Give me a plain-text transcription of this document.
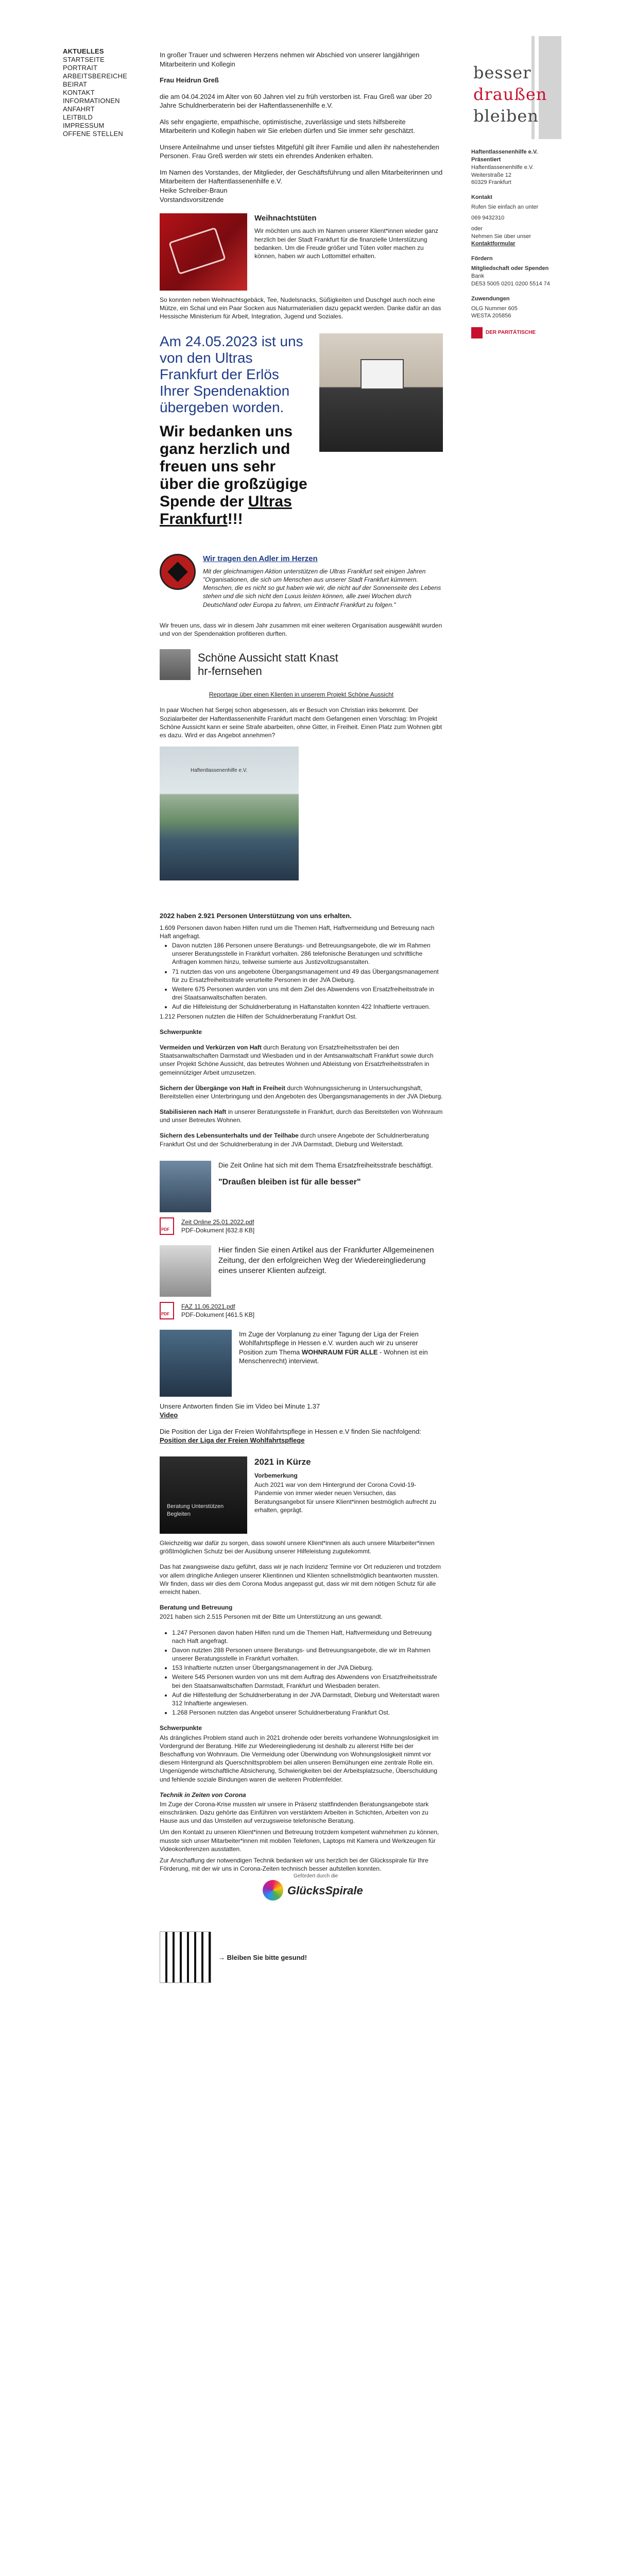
AKTUELLES
STARTSEITE
PORTRAIT
ARBEITSBEREICHE
BEIRAT
KONTAKT
INFORMATIONEN
ANFAHRT
LEITBILD
IMPRESSUM
OFFENE STELLEN
besser
draußen
bleiben
Haftentlassenenhilfe e.V.
Präsentiert
Haftentlassenenhilfe e.V.
Weiterstraße 12
60329 Frankfurt
Kontakt
Rufen Sie einfach an unter
069 9432310
oder
Nehmen Sie über unser
Kontaktformular
Fördern
Mitgliedschaft oder Spenden
Bank
DE53 5005 0201 0200 5514 74
Zuwendungen
OLG Nummer 605
WESTA 205856
DER PARITÄTISCHE

In großer Trauer und schweren Herzens nehmen wir Abschied von unserer langjährigen Mitarbeiterin und Kollegin

Frau Heidrun Greß

die am 04.04.2024 im Alter von 60 Jahren viel zu früh verstorben ist. Frau Greß war über 20 Jahre Schuldnerberaterin bei der Haftentlassenenhilfe e.V.

Als sehr engagierte, empathische, optimistische, zuverlässige und stets hilfsbereite Mitarbeiterin und Kollegin haben wir Sie erleben dürfen und Sie immer sehr geschätzt.

Unsere Anteilnahme und unser tiefstes Mitgefühl gilt ihrer Familie und allen ihr nahestehenden Personen. Frau Greß werden wir stets ein ehrendes Andenken erhalten.

Im Namen des Vorstandes, der Mitglieder, der Geschäftsführung und allen Mitarbeiterinnen und Mitarbeitern der Haftentlassenenhilfe e.V.

Heike Schreiber-Braun
Vorstandsvorsitzende
Weihnachtstüten

Wir möchten uns auch im Namen unserer Klient*innen wieder ganz herzlich bei der Stadt Frankfurt für die finanzielle Unterstützung bedanken. Um die Freude größer und Tüten voller machen zu können, haben wir auch Lottomittel erhalten.

So konnten neben Weihnachtsgebäck, Tee, Nudelsnacks, Süßigkeiten und Duschgel auch noch eine Mütze, ein Schal und ein Paar Socken aus Naturmaterialien dazu gepackt werden. Danke dafür an das Hessische Ministerium für Arbeit, Integration, Jugend und Soziales.

Am 24.05.2023 ist uns von den Ultras Frankfurt der Erlös Ihrer Spendenaktion übergeben worden.

Wir bedanken uns ganz herzlich und freuen uns sehr über die großzügige Spende der Ultras Frankfurt!!!

Wir tragen den Adler im Herzen

Mit der gleichnamigen Aktion unterstützen die Ultras Frankfurt seit einigen Jahren "Organisationen, die sich um Menschen aus unserer Stadt Frankfurt kümmern. Menschen, die es nicht so gut haben wie wir, die nicht auf der Sonnenseite des Lebens stehen und die sich nicht den Luxus leisten können, alle zwei Wochen durch Deutschland oder Europa zu fahren, um Eintracht Frankfurt zu folgen."

Wir freuen uns, dass wir in diesem Jahr zusammen mit einer weiteren Organisation ausgewählt wurden und von der Spendenaktion profitieren durften.

Schöne Aussicht statt Knast
hr-fernsehen

Reportage über einen Klienten in unserem Projekt Schöne Aussicht

In paar Wochen hat Sergej schon abgesessen, als er Besuch von Christian inks bekommt. Der Sozialarbeiter der Haftentlassenenhilfe Frankfurt macht dem Gefangenen einen Vorschlag: Im Projekt Schöne Aussicht kann er seine Strafe abarbeiten, ohne Gitter, in Freiheit. Einen Platz zum Wohnen gibt es dazu. Wird er das Angebot annehmen?

Haftentlassenenhilfe e.V.
2022 haben 2.921 Personen Unterstützung von uns erhalten.

1.609 Personen davon haben Hilfen rund um die Themen Haft, Haftvermeidung und Betreuung nach Haft angefragt.

• Davon nutzten 186 Personen unsere Beratungs- und Betreuungsangebote, die wir im Rahmen unserer Beratungsstelle in Frankfurt vorhalten. 286 telefonische Beratungen und schriftliche Anfragen kommen hinzu, teilweise sumierte aus Justizvollzugsanstalten.
• 71 nutzten das von uns angebotene Übergangsmanagement und 49 das Übergangsmanagement für zu Ersatzfreiheitsstrafe verurteilte Personen in der JVA Dieburg.
• Weitere 675 Personen wurden von uns mit dem Ziel des Abwendens von Ersatzfreiheitsstrafe in drei Staatsanwaltschaften beraten.
• Auf die Hilfeleistung der Schuldnerberatung in Haftanstalten konnten 422 Inhaftierte vertrauen.

1.212 Personen nutzten die Hilfen der Schuldnerberatung Frankfurt Ost.

Schwerpunkte

Vermeiden und Verkürzen von Haft durch Beratung von Ersatzfreiheitsstrafen bei den Staatsanwaltschaften Darmstadt und Wiesbaden und in der Amtsanwaltschaft Frankfurt sowie durch unser Projekt Schöne Aussicht, das betreutes Wohnen und Ableistung von Ersatzfreiheitsstrafen in gemeinnütziger Arbeit umzusetzen.

Sichern der Übergänge von Haft in Freiheit durch Wohnungssicherung in Untersuchungshaft, Bereitstellen einer Unterbringung und den Angeboten des Übergangsmanagements in der JVA Dieburg.

Stabilisieren nach Haft in unserer Beratungsstelle in Frankfurt, durch das Bereitstellen von Wohnraum und unser Betreutes Wohnen.

Sichern des Lebensunterhalts und der Teilhabe durch unsere Angebote der Schuldnerberatung Frankfurt Ost und der Schuldnerberatung in der JVA Darmstadt, Dieburg und Weiterstadt.

Die Zeit Online hat sich mit dem Thema Ersatzfreiheitsstrafe beschäftigt.

"Draußen bleiben ist für alle besser"

PDF
Zeit Online 25.01.2022.pdf
PDF-Dokument [632.8 KB]

Hier finden Sie einen Artikel aus der Frankfurter Allgemeinenen Zeitung, der den erfolgreichen Weg der Wiedereingliederung eines unserer Klienten aufzeigt.

PDF
FAZ 11.06.2021.pdf
PDF-Dokument [461.5 KB]

Im Zuge der Vorplanung zu einer Tagung der Liga der Freien Wohlfahrtspflege in Hessen e.V. wurden auch wir zu unserer Position zum Thema WOHNRAUM FÜR ALLE - Wohnen ist ein Menschenrecht) interviewt.

Unsere Antworten finden Sie im Video bei Minute 1.37

Video

Die Position der Liga der Freien Wohlfahrtspflege in Hessen e.V finden Sie nachfolgend:

Position der Liga der Freien Wohlfahrtspflege

Beratung Unterstützen
Begleiten
2021 in Kürze

Vorbemerkung

Auch 2021 war von dem Hintergrund der Corona Covid-19-Pandemie von immer wieder neuen Versuchen, das Beratungsangebot für unsere Klient*innen bestmöglich aufrecht zu erhalten, geprägt.

Gleichzeitig war dafür zu sorgen, dass sowohl unsere Klient*innen als auch unsere Mitarbeiter*innen größtmöglichen Schutz bei der Ausübung unserer Hilfeleistung zugutekommt.

Das hat zwangsweise dazu geführt, dass wir je nach Inzidenz Termine vor Ort reduzieren und trotzdem vor allem dringliche Anliegen unserer Klientinnen und Klienten schnellstmöglich beantworten mussten. Wir finden, dass wir dies dem Corona Modus angepasst gut, dass wir mit dem nötigen Schutz für alle erreicht haben.

Beratung und Betreuung

2021 haben sich 2.515 Personen mit der Bitte um Unterstützung an uns gewandt.

• 1.247 Personen davon haben Hilfen rund um die Themen Haft, Haftvermeidung und Betreuung nach Haft angefragt.
• Davon nutzten 288 Personen unsere Beratungs- und Betreuungsangebote, die wir im Rahmen unserer Beratungsstelle in Frankfurt vorhalten.
• 153 Inhaftierte nutzten unser Übergangsmanagement in der JVA Dieburg.
• Weitere 545 Personen wurden von uns mit dem Auftrag des Abwendens von Ersatzfreiheitsstrafe bei den Staatsanwaltschaften Darmstadt, Frankfurt und Wiesbaden beraten.
• Auf die Hilfestellung der Schuldnerberatung in der JVA Darmstadt, Dieburg und Weiterstadt waren 312 Inhaftierte angewiesen.
• 1.268 Personen nutzten das Angebot unserer Schuldnerberatung Frankfurt Ost.

Schwerpunkte

Als drängliches Problem stand auch in 2021 drohende oder bereits vorhandene Wohnungslosigkeit im Vordergrund der Beratung. Hilfe zur Wiedereingliederung ist deshalb zu allererst Hilfe bei der Beschaffung von Wohnraum. Die Vermeidung oder Überwindung von Wohnungslosigkeit nimmt vor diesem Hintergrund als Querschnittsproblem bei allen unseren Bemühungen eine zentrale Rolle ein. Ungenügende wirtschaftliche Absicherung, Schwierigkeiten bei der Arbeitsplatzsuche, Überschuldung und fehlende soziale Bindungen waren die weiteren Problemfelder.

Technik in Zeiten von Corona

Im Zuge der Corona-Krise mussten wir unsere in Präsenz stattfindenden Beratungsangebote stark einschränken. Dazu gehörte das Einführen von verstärktem Arbeiten in Schichten, Arbeiten von zu Hause aus und das Umstellen auf verzugsweise telefonische Beratung.

Um den Kontakt zu unseren Klient*innen und Betreuung trotzdem kompetent wahrnehmen zu können, musste sich unser Mitarbeiter*innen mit mobilen Telefonen, Laptops mit Kamera und Werkzeugen für Videokonferenzen ausstatten.

Zur Anschaffung der notwendigen Technik bedanken wir uns herzlich bei der Glücksspirale für Ihre Förderung, mit der wir uns in Corona-Zeiten technisch besser aufstellen konnten.

Gefördert durch die
GlücksSpirale
→ Bleiben Sie bitte gesund!
